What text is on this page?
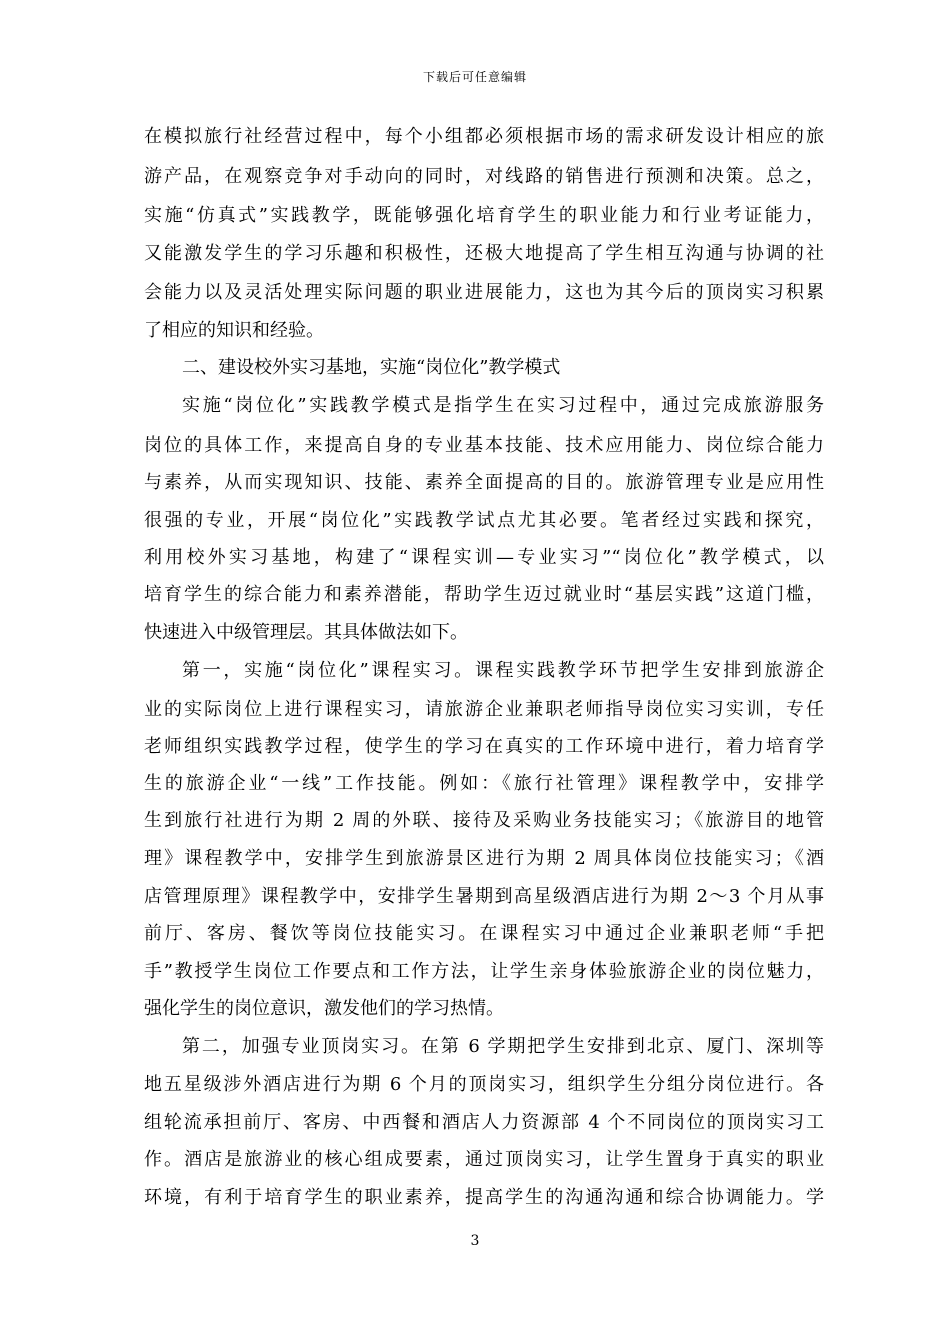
下载后可任意编辑
在模拟旅行社经营过程中，每个小组都必须根据市场的需求研发设计相应的旅
游产品，在观察竞争对手动向的同时，对线路的销售进行预测和决策。总之，
实施“仿真式”实践教学，既能够强化培育学生的职业能力和行业考证能力，
又能激发学生的学习乐趣和积极性，还极大地提高了学生相互沟通与协调的社
会能力以及灵活处理实际问题的职业进展能力，这也为其今后的顶岗实习积累
了相应的知识和经验。
二、建设校外实习基地，实施“岗位化”教学模式
实施“岗位化”实践教学模式是指学生在实习过程中，通过完成旅游服务
岗位的具体工作，来提高自身的专业基本技能、技术应用能力、岗位综合能力
与素养，从而实现知识、技能、素养全面提高的目的。旅游管理专业是应用性
很强的专业，开展“岗位化”实践教学试点尤其必要。笔者经过实践和探究，
利用校外实习基地，构建了“课程实训—专业实习”“岗位化”教学模式，以
培育学生的综合能力和素养潜能，帮助学生迈过就业时“基层实践”这道门槛，
快速进入中级管理层。其具体做法如下。
第一，实施“岗位化”课程实习。课程实践教学环节把学生安排到旅游企
业的实际岗位上进行课程实习，请旅游企业兼职老师指导岗位实习实训，专任
老师组织实践教学过程，使学生的学习在真实的工作环境中进行，着力培育学
生的旅游企业“一线”工作技能。例如：《旅行社管理》课程教学中，安排学
生到旅行社进行为期 2 周的外联、接待及采购业务技能实习；《旅游目的地管
理》课程教学中，安排学生到旅游景区进行为期 2 周具体岗位技能实习；《酒
店管理原理》课程教学中，安排学生暑期到高星级酒店进行为期 2～3 个月从事
前厅、客房、餐饮等岗位技能实习。在课程实习中通过企业兼职老师“手把
手”教授学生岗位工作要点和工作方法，让学生亲身体验旅游企业的岗位魅力，
强化学生的岗位意识，激发他们的学习热情。
第二，加强专业顶岗实习。在第 6 学期把学生安排到北京、厦门、深圳等
地五星级涉外酒店进行为期 6 个月的顶岗实习，组织学生分组分岗位进行。各
组轮流承担前厅、客房、中西餐和酒店人力资源部 4 个不同岗位的顶岗实习工
作。酒店是旅游业的核心组成要素，通过顶岗实习，让学生置身于真实的职业
环境，有利于培育学生的职业素养，提高学生的沟通沟通和综合协调能力。学
3
